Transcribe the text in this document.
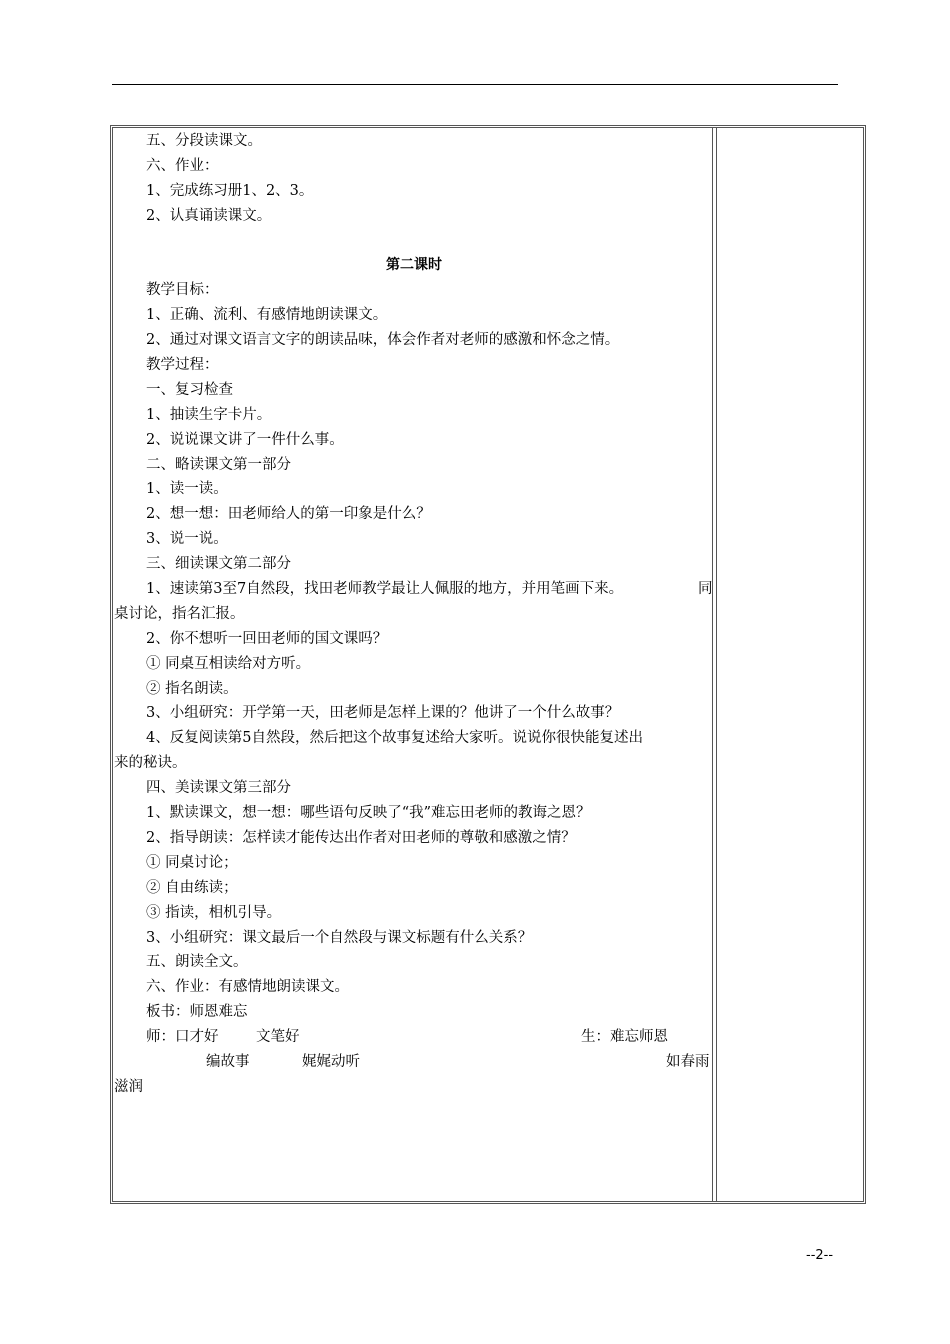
五、分段读课文。
六、作业：
1、完成练习册1、2、3。
2、认真诵读课文。
第二课时
教学目标：
1、正确、流利、有感情地朗读课文。
2、通过对课文语言文字的朗读品味，体会作者对老师的感激和怀念之情。
教学过程：
一、复习检查
1、抽读生字卡片。
2、说说课文讲了一件什么事。
二、略读课文第一部分
1、读一读。
2、想一想：田老师给人的第一印象是什么？
3、说一说。
三、细读课文第二部分
1、速读第3至7自然段，找田老师教学最让人佩服的地方，并用笔画下来。	同
桌讨论，指名汇报。
2、你不想听一回田老师的国文课吗？
① 同桌互相读给对方听。
② 指名朗读。
3、小组研究：开学第一天，田老师是怎样上课的？他讲了一个什么故事？
4、反复阅读第5自然段，然后把这个故事复述给大家听。说说你很快能复述出
来的秘诀。
四、美读课文第三部分
1、默读课文，想一想：哪些语句反映了“我”难忘田老师的教诲之恩？
2、指导朗读：怎样读才能传达出作者对田老师的尊敬和感激之情？
① 同桌讨论；
② 自由练读；
③ 指读，相机引导。
3、小组研究：课文最后一个自然段与课文标题有什么关系？
五、朗读全文。
六、作业：有感情地朗读课文。
板书：师恩难忘
师：口才好	文笔好	生：难忘师恩
编故事	娓娓动听	如春雨
滋润
--2--
